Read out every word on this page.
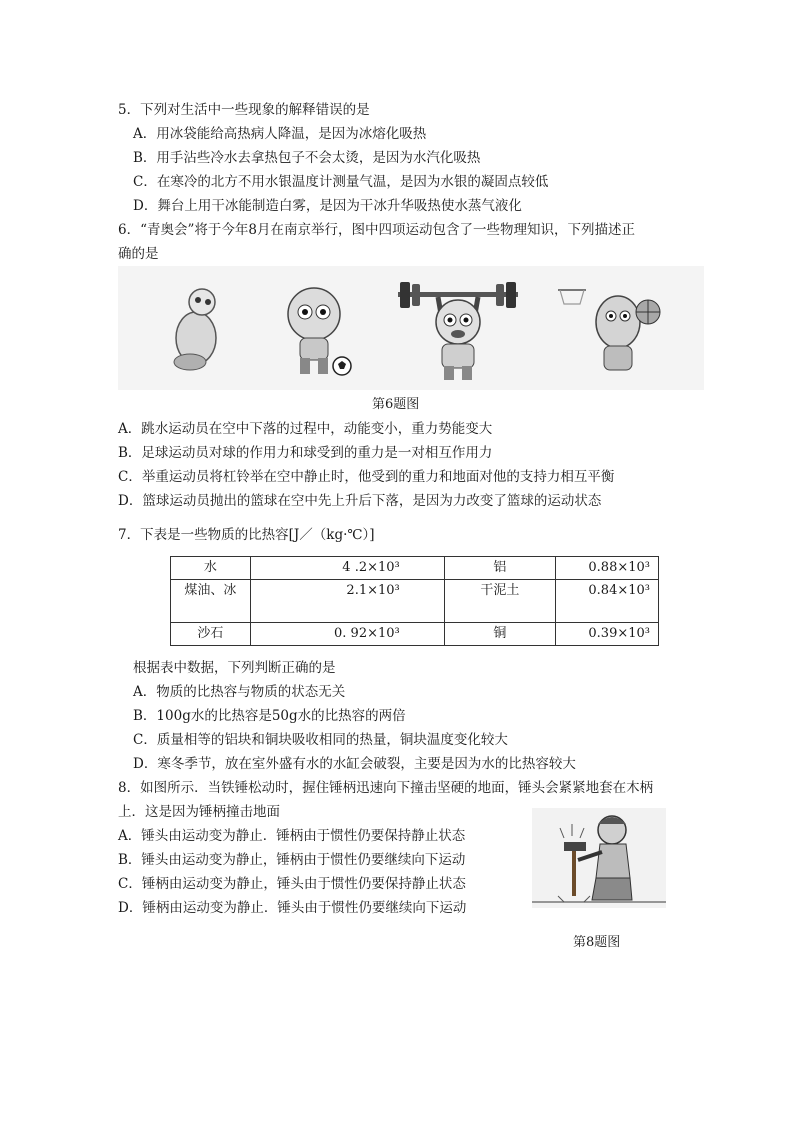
5．下列对生活中一些现象的解释错误的是
A．用冰袋能给高热病人降温，是因为冰熔化吸热
B．用手沾些冷水去拿热包子不会太烫，是因为水汽化吸热
C．在寒冷的北方不用水银温度计测量气温，是因为水银的凝固点较低
D．舞台上用干冰能制造白雾，是因为干冰升华吸热使水蒸气液化
6．“青奥会”将于今年8月在南京举行，图中四项运动包含了一些物理知识，下列描述正
确的是
第6题图
A．跳水运动员在空中下落的过程中，动能变小，重力势能变大
B．足球运动员对球的作用力和球受到的重力是一对相互作用力
C．举重运动员将杠铃举在空中静止时，他受到的重力和地面对他的支持力相互平衡
D．篮球运动员抛出的篮球在空中先上升后下落，是因为力改变了篮球的运动状态
7．下表是一些物质的比热容[J／（kg·℃）]
水	4 .2×10³	铝	0.88×10³
煤油、冰	2.1×10³	干泥土	0.84×10³
沙石	0. 92×10³	铜	0.39×10³
根据表中数据，下列判断正确的是
A．物质的比热容与物质的状态无关
B．100g水的比热容是50g水的比热容的两倍
C．质量相等的铝块和铜块吸收相同的热量，铜块温度变化较大
D．寒冬季节，放在室外盛有水的水缸会破裂，主要是因为水的比热容较大
8．如图所示．当铁锤松动时，握住锤柄迅速向下撞击坚硬的地面，锤头会紧紧地套在木柄
上．这是因为锤柄撞击地面
A．锤头由运动变为静止．锤柄由于惯性仍要保持静止状态
B．锤头由运动变为静止，锤柄由于惯性仍要继续向下运动
C．锤柄由运动变为静止，锤头由于惯性仍要保持静止状态
D．锤柄由运动变为静止．锤头由于惯性仍要继续向下运动
第8题图
